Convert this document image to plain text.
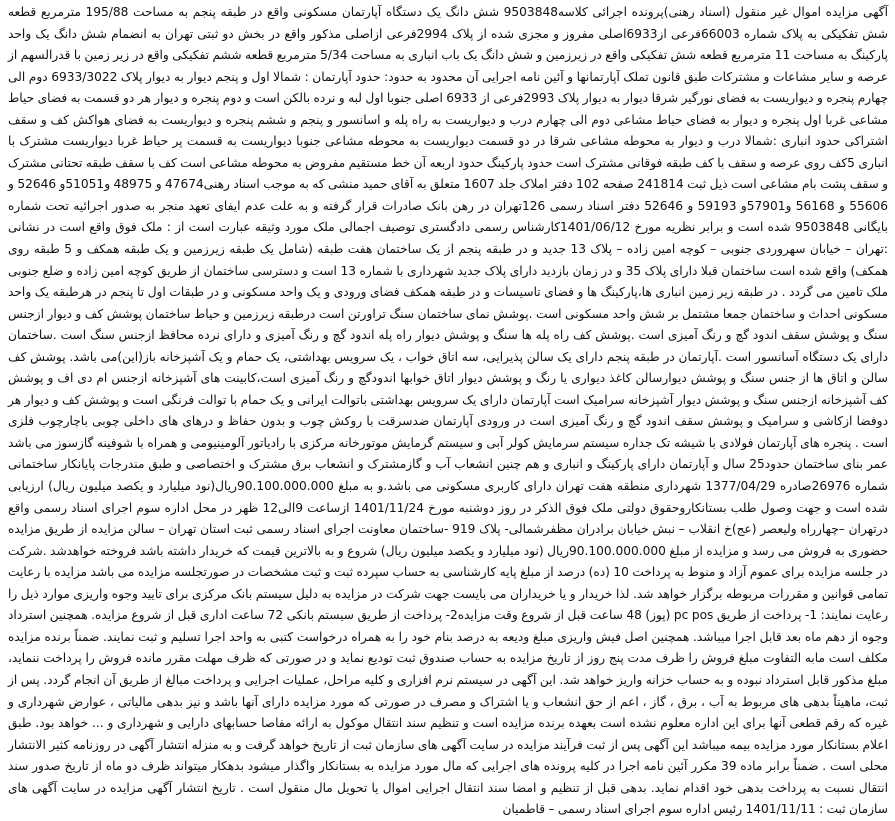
آگهی مزایده اموال غیر منقول (اسناد رهنی)پرونده اجرائی کلاسه9503848 شش دانگ یک دستگاه آپارتمان مسکونی واقع در طبقه پنجم به مساحت 195/88 مترمربع قطعه شش تفکیکی به پلاک شماره 66003فرعی از6933اصلی مفروز و مجزی شده از پلاک 2994فرعی ازاصلی مذکور واقع در بخش دو ثبتی تهران به انضمام شش دانگ یک واحد پارکینگ به مساحت 11 مترمربع قطعه شش تفکیکی واقع در زیرزمین و شش دانگ یک باب انباری به مساحت 5/34 مترمربع قطعه ششم تفکیکی واقع در زیر زمین با قدرالسهم از عرصه و سایر مشاعات و مشترکات طبق قانون تملک آپارتمانها و آئین نامه اجرایی آن محدود به حدود: حدود آپارتمان : شمالا اول و پنجم دیوار به دیوار پلاک 6933/3022 دوم الی چهارم پنجره و دیواریست به فضای نورگیر شرقا دیوار به دیوار پلاک 2993فرعی از 6933 اصلی جنوبا اول لبه و نرده بالکن است و دوم پنجره و دیوار هر دو قسمت به فضای حیاط مشاعی غربا اول پنجره و دیوار به فضای حیاط مشاعی دوم الی چهارم درب و دیواریست به راه پله و اسانسور و پنجم و ششم پنجره و دیواریست به فضای هواکش کف و سقف اشتراکی حدود انباری :شمالا درب و دیوار به محوطه مشاعی شرقا در دو قسمت دیواریست به محوطه مشاعی جنوبا دیواریست به قسمت پر حیاط غربا دیواریست مشترک با انباری 5کف روی عرصه و سقف با کف طبقه فوقانی مشترک است حدود پارکینگ حدود اربعه آن خط مستقیم مفروض به محوطه مشاعی است کف با سقف طبقه تحتانی مشترک و سقف پشت بام مشاعی است ذیل ثبت 241814 صفحه 102 دفتر املاک جلد 1607 متعلق به آقای حمید منشی که به موجب اسناد رهنی47674 و 48975 و51051و 52646 و 55606 و 56168 و57901و 59193 و 52646 دفتر اسناد رسمی 126تهران در رهن بانک صادرات قرار گرفته و به علت عدم ایفای تعهد منجر به صدور اجرائیه تحت شماره بایگانی 9503848 شده است و برابر نظریه مورخ 1401/06/12کارشناس رسمی دادگستری توصیف اجمالی ملک مورد وثیقه عبارت است از : ملک فوق واقع است در نشانی :تهران – خیابان سهروردی جنوبی – کوچه امین زاده – پلاک 13 جدید و در طبقه پنجم از یک ساختمان هفت طبقه (شامل یک طبقه زیرزمین و یک طبقه همکف و 5 طبقه روی همکف) واقع شده است ساختمان قبلا دارای پلاک 35 و در زمان بازدید دارای پلاک جدید شهرداری با شماره 13 است و دسترسی ساختمان از طریق کوچه امین زاده و ضلع جنوبی ملک تامین می گردد . در طبقه زیر زمین انباری ها،پارکینگ ها و فضای تاسیسات و در طبقه همکف فضای ورودی و یک واحد مسکونی و در طبقات اول تا پنجم در هرطبقه یک واحد مسکونی احداث و ساختمان جمعا مشتمل بر شش واحد مسکونی است .پوشش نمای ساختمان سنگ تراورتن است درطبقه زیرزمین و حیاط ساختمان پوشش کف و دیوار ازجنس سنگ و پوشش سقف اندود گچ و رنگ آمیزی است .پوشش کف راه پله ها سنگ و پوشش دیوار راه پله اندود گچ و رنگ آمیزی و دارای نرده محافظ ازجنس سنگ است .ساختمان دارای یک دستگاه آسانسور است .آپارتمان در طبقه پنجم دارای یک سالن پذیرایی، سه اتاق خواب ، یک سرویس بهداشتی، یک حمام و یک آشپزخانه باز(این)می باشد. پوشش کف سالن و اتاق ها از جنس سنگ و پوشش دیوارسالن کاغذ دیواری یا رنگ و پوشش دیوار اتاق خوابها اندودگچ و رنگ آمیزی است،کابینت های آشپزخانه ازجنس ام دی اف و پوشش کف آشپزخانه ازجنس سنگ و پوشش دیوار آشپزخانه سرامیک است آپارتمان دارای یک سرویس بهداشتی باتوالت ایرانی و یک حمام با توالت فرنگی است و پوشش کف و دیوار هر دوفضا ازکاشی و سرامیک و پوشش سقف اندود گچ و رنگ آمیزی است در ورودی آپارتمان ضدسرقت با روکش چوب و بدون حفاظ و درهای های داخلی چوبی باچارچوب فلزی است . پنجره های آپارتمان فولادی با شیشه تک جداره سیستم سرمایش کولر آبی و سیستم گرمایش موتورخانه مرکزی با رادیاتور آلومینیومی و همراه با شوفینه گازسوز می باشد عمر بنای ساختمان حدود25 سال و آپارتمان دارای پارکینگ و انباری و هم چنین انشعاب آب و گازمشترک و انشعاب برق مشترک و اختصاصی و طبق مندرجات پایانکار ساختمانی شماره 26976صادره 1377/04/29 شهرداری منطقه هفت تهران دارای کاربری مسکونی می باشد.و به مبلغ 90.100.000.000ریال(نود میلیارد و یکصد میلیون ریال) ارزیابی شده است و جهت وصول طلب بستانکاروحقوق دولتی ملک فوق الذکر در روز دوشنبه مورخ 1401/11/24 ازساعت 9الی12 ظهر در محل اداره سوم اجرای اسناد رسمی واقع درتهران –چهارراه ولیعصر (عج)خ انقلاب – نبش خیابان برادران مظفرشمالی- پلاک 919 -ساختمان معاونت اجرای اسناد رسمی ثبت استان تهران – سالن مزایده از طریق مزایده حضوری به فروش می رسد و مزایده از مبلغ 90.100.000.000ریال (نود میلیارد و یکصد میلیون ریال) شروع و به بالاترین قیمت که خریدار داشته باشد فروخته خواهدشد .شرکت در جلسه مزایده برای عموم آزاد و منوط به پرداخت 10 (ده) درصد از مبلغ پایه کارشناسی به حساب سپرده ثبت و ثبت مشخصات در صورتجلسه مزایده می باشد مزایده با رعایت تمامی قوانین و مقررات مربوطه برگزار خواهد شد. لذا خریدار و یا خریداران می بایست جهت شرکت در مزایده به دلیل سیستم بانک مرکزی برای تایید وجوه واریزی موارد ذیل را رعایت نمایند: 1- پرداخت از طریق pc pos (پوز) 48 ساعت قبل از شروع وقت مزایده2- پرداخت از طریق سیستم بانکی 72 ساعت اداری قبل از شروع مزایده. همچنین استرداد وجوه از دهم ماه بعد قابل اجرا میباشد. همچنین اصل فیش واریزی مبلغ ودیعه به درصد بنام خود را به همراه درخواست کتبی به واحد اجرا تسلیم و ثبت نمایند. ضمناً برنده مزایده مکلف است مابه التفاوت مبلغ فروش را ظرف مدت پنج روز از تاریخ مزایده به حساب صندوق ثبت تودیع نماید و در صورتی که ظرف مهلت مقرر مانده فروش را پرداخت ننماید، مبلغ مذکور قابل استرداد نبوده و به حساب خزانه واریز خواهد شد. این آگهی در سیستم نرم افزاری و کلیه مراحل، عملیات اجرایی و پرداخت مبالغ از طریق آن انجام گردد. پس از ثبت، ماهیتاً بدهی های مربوط به آب ، برق ، گاز ، اعم از حق انشعاب و یا اشتراک و مصرف در صورتی که مورد مزایده دارای آنها باشد و نیز بدهی مالیاتی ، عوارض شهرداری و غیره که رقم قطعی آنها برای این اداره معلوم نشده است بعهده برنده مزایده است و تنظیم سند انتقال موکول به ارائه مفاصا حسابهای دارایی و شهرداری و ... خواهد بود. طبق اعلام بستانکار مورد مزایده بیمه میباشد این آگهی پس از ثبت فرآیند مزایده در سایت آگهی های سازمان ثبت از تاریخ خواهد گرفت و به منزله انتشار آگهی در روزنامه کثیر الانتشار محلی است . ضمناً برابر ماده 39 مکرر آئین نامه اجرا در کلیه پرونده های اجرایی که مال مورد مزایده به بستانکار واگذار میشود بدهکار میتواند ظرف دو ماه از تاریخ صدور سند انتقال نسبت به پرداخت بدهی خود اقدام نماید. بدهی قبل از تنظیم و امضا سند انتقال اجرایی اموال یا تحویل مال منقول است . تاریخ انتشار آگهی مزایده در سایت آگهی های سازمان ثبت : 1401/11/11 رئیس اداره سوم اجرای اسناد رسمی – قاطمیان
